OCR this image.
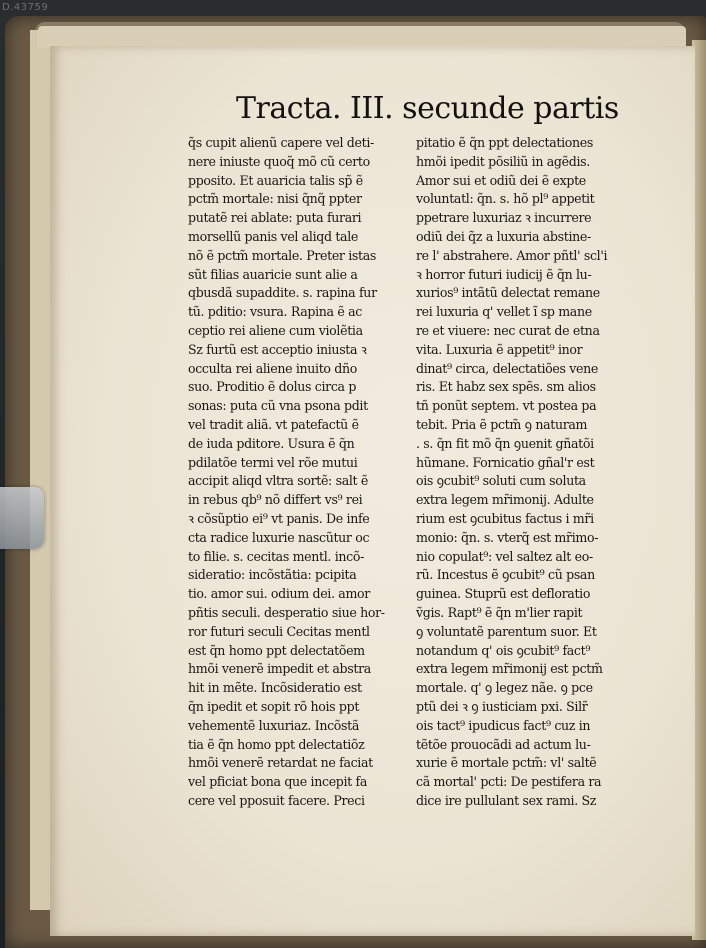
D.43759
Tracta. III. secunde partis
q̃s cupit alienũ capere vel deti-
nere iniuste quoq̃ mõ cũ certo
pposito. Et auaricia talis sp̃ ẽ
pctm̃ mortale: nisi q̃nq̃ ppter
putatẽ rei ablate: puta furari
morsellũ panis vel aliqd tale
nõ ẽ pctm̃ mortale. Preter istas
sũt filias auaricie sunt alie a
qbusdã supaddite. s. rapina fur
tũ. pditio: vsura. Rapina ẽ ac
ceptio rei aliene cum violẽtia
Sz furtũ est acceptio iniusta ꝛ
occulta rei aliene inuito dño
suo. Proditio ẽ dolus circa p
sonas: puta cũ vna psona pdit
vel tradit aliã. vt patefactũ ẽ
de iuda pditore. Usura ẽ q̃n
pdilatõe termi vel rõe mutui
accipit aliqd vltra sortẽ: salt ẽ
in rebus qb⁹ nõ differt vs⁹ rei
ꝛ cõsũptio ei⁹ vt panis. De infe
cta radice luxurie nascũtur oc
to filie. s. cecitas mentl. incõ-
sideratio: incõstãtia: pcipita
tio. amor sui. odium dei. amor
pñtis seculi. desperatio siue hor-
ror futuri seculi Cecitas mentl
est q̃n homo ppt delectatõem
hmõi venerẽ impedit et abstra
hit in mẽte. Incõsideratio est
q̃n ipedit et sopit rõ hois ppt
vehementẽ luxuriaz. Incõstã
tia ẽ q̃n homo ppt delectatiõz
hmõi venerẽ retardat ne faciat
vel pficiat bona que incepit fa
cere vel pposuit facere. Preci
pitatio ẽ q̃n ppt delectationes
hmõi ipedit põsiliũ in agẽdis.
Amor sui et odiũ dei ẽ expte
voluntatl: q̃n. s. hõ pl⁹ appetit
ppetrare luxuriaz ꝛ incurrere
odiũ dei q̃z a luxuria abstine-
re l' abstrahere. Amor pñtl' scl'i
ꝛ horror futuri iudicij ẽ q̃n lu-
xurios⁹ intãtũ delectat remane
rei luxuria q' vellet ĩ sp mane
re et viuere: nec curat de etna
vita. Luxuria ẽ appetit⁹ inor
dinat⁹ circa, delectatiões vene
ris. Et habz sex spẽs. sm alios
tñ ponũt septem. vt postea pa
tebit. Pria ẽ pctm̃ ꝯ naturam
. s. q̃n fit mõ q̃n ꝯuenit gñatõi
hũmane. Fornicatio gñal'r est
ois ꝯcubit⁹ soluti cum soluta
extra legem mr̃imonij. Adulte
rium est ꝯcubitus factus i mr̃i
monio: q̃n. s. vterq̃ est mr̃imo-
nio copulat⁹: vel saltez alt eo-
rũ. Incestus ẽ ꝯcubit⁹ cũ psan
guinea. Stuprũ est defloratio
ṽgis. Rapt⁹ ẽ q̃n m'lier rapit
ꝯ voluntatẽ parentum suor. Et
notandum q' ois ꝯcubit⁹ fact⁹
extra legem mr̃imonij est pctm̃
mortale. q' ꝯ legez nãe. ꝯ pce
ptũ dei ꝛ ꝯ iusticiam pxi. Silr̃
ois tact⁹ ipudicus fact⁹ cuz in
tẽtõe prouocãdi ad actum lu-
xurie ẽ mortale pctm̃: vl' saltẽ
cã mortal' pcti: De pestifera ra
dice ire pullulant sex rami. Sz
